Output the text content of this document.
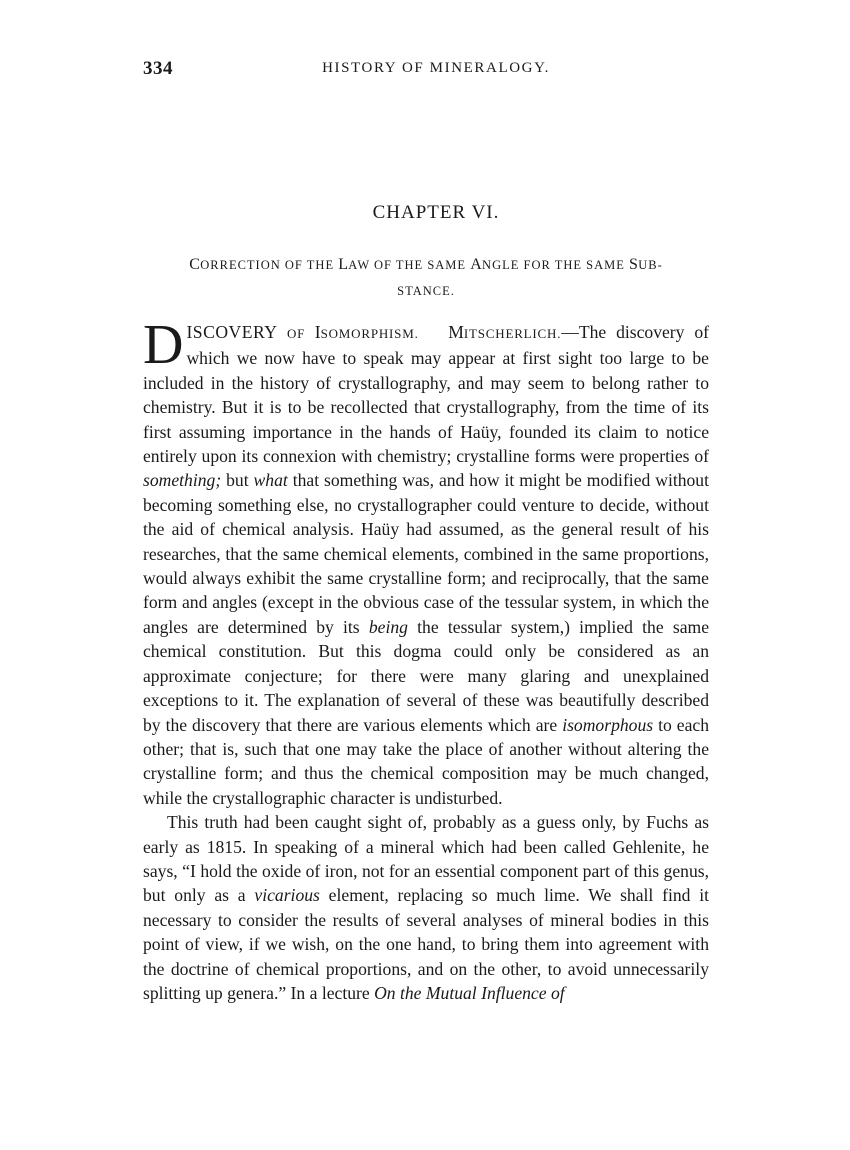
334	HISTORY OF MINERALOGY.
CHAPTER VI.
CORRECTION OF THE LAW OF THE SAME ANGLE FOR THE SAME SUB-
STANCE.

DISCOVERY OF ISOMORPHISM. MITSCHERLICH.—The discovery of which we now have to speak may appear at first sight too large to be included in the history of crystallography, and may seem to belong rather to chemistry. But it is to be recollected that crystallography, from the time of its first assuming importance in the hands of Haüy, founded its claim to notice entirely upon its connexion with chemistry; crystalline forms were properties of something; but what that something was, and how it might be modified without becoming something else, no crystallographer could venture to decide, without the aid of chemical analysis. Haüy had assumed, as the general result of his researches, that the same chemical elements, combined in the same proportions, would always exhibit the same crystalline form; and reciprocally, that the same form and angles (except in the obvious case of the tessular system, in which the angles are determined by its being the tessular system,) implied the same chemical constitution. But this dogma could only be considered as an approximate conjecture; for there were many glaring and unexplained exceptions to it. The explanation of several of these was beautifully described by the discovery that there are various elements which are isomorphous to each other; that is, such that one may take the place of another without altering the crystalline form; and thus the chemical composition may be much changed, while the crystallographic character is undisturbed.

This truth had been caught sight of, probably as a guess only, by Fuchs as early as 1815. In speaking of a mineral which had been called Gehlenite, he says, “I hold the oxide of iron, not for an essential component part of this genus, but only as a vicarious element, replacing so much lime. We shall find it necessary to consider the results of several analyses of mineral bodies in this point of view, if we wish, on the one hand, to bring them into agreement with the doctrine of chemical proportions, and on the other, to avoid unnecessarily splitting up genera.” In a lecture On the Mutual Influence of
